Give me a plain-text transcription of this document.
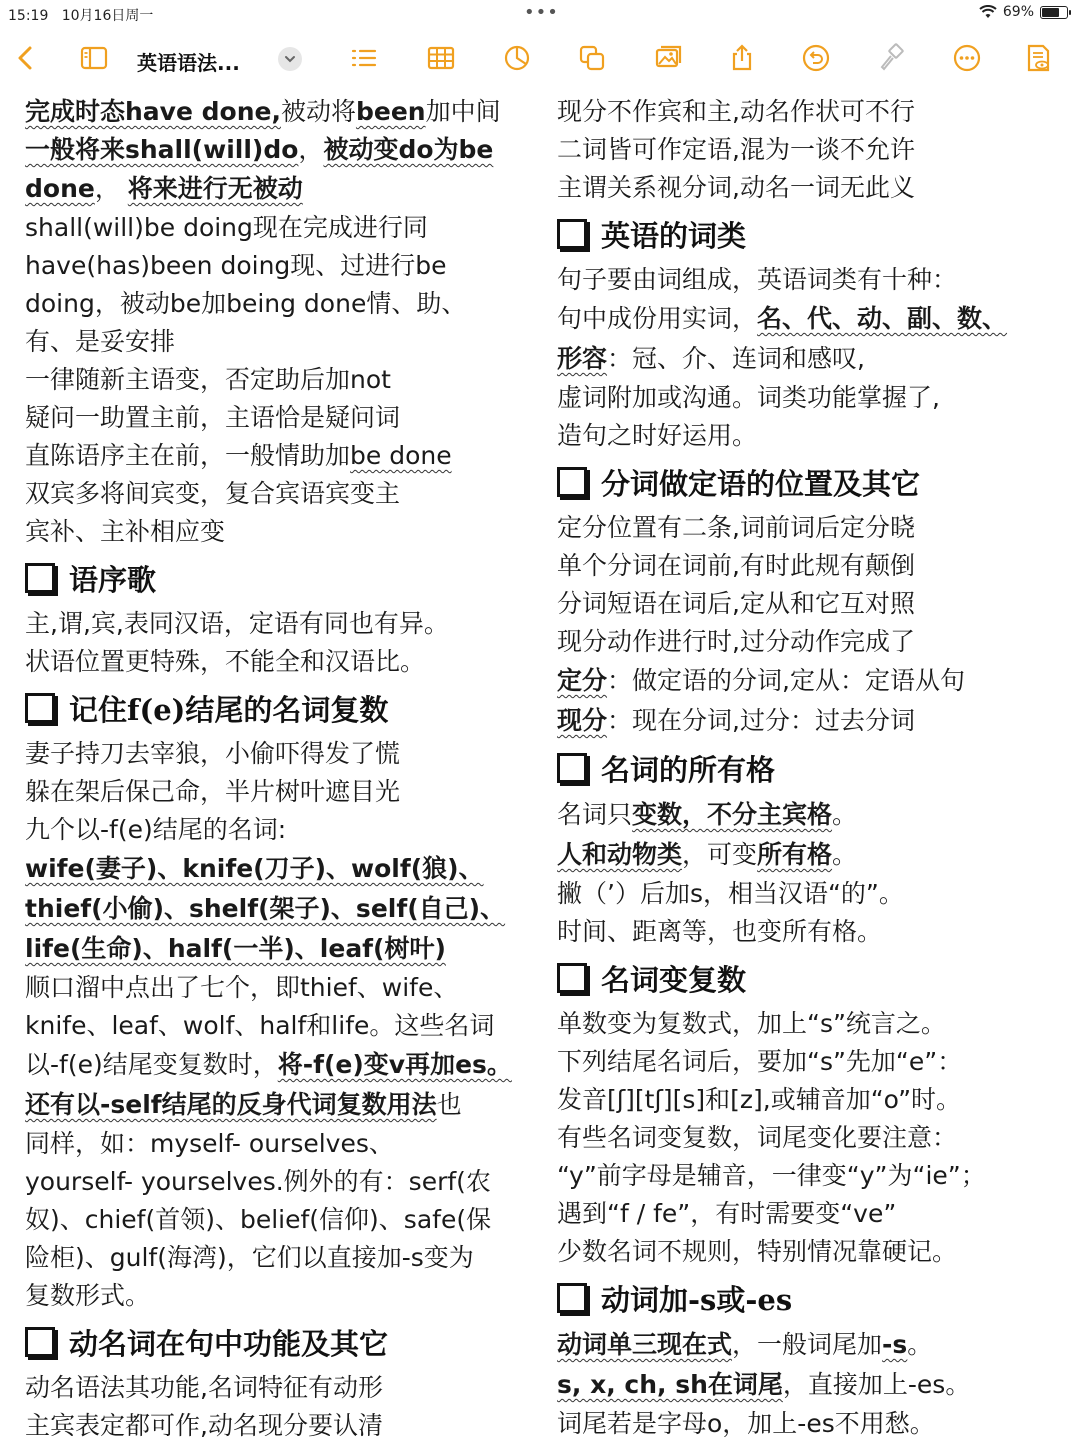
15:19 10月16日周一	•••	69%
英语语法...
完成时态have done,被动将been加中间
一般将来shall(will)do，被动变do为be
done， 将来进行无被动
shall(will)be doing现在完成进行同
have(has)been doing现、过进行be
doing，被动be加being done情、助、
有、是妥安排
一律随新主语变，否定助后加not
疑问一助置主前，主语恰是疑问词
直陈语序主在前，一般情助加be done
双宾多将间宾变，复合宾语宾变主
宾补、主补相应变
语序歌
主,谓,宾,表同汉语，定语有同也有异。
状语位置更特殊，不能全和汉语比。
记住f(e)结尾的名词复数
妻子持刀去宰狼，小偷吓得发了慌
躲在架后保己命，半片树叶遮目光
九个以-f(e)结尾的名词:
wife(妻子)、knife(刀子)、wolf(狼)、
thief(小偷)、shelf(架子)、self(自己)、
life(生命)、half(一半)、leaf(树叶)
顺口溜中点出了七个，即thief、wife、
knife、leaf、wolf、half和life。这些名词
以-f(e)结尾变复数时，将-f(e)变v再加es。
还有以-self结尾的反身代词复数用法也
同样，如：myself- ourselves、
yourself- yourselves.例外的有：serf(农
奴)、chief(首领)、belief(信仰)、safe(保
险柜)、gulf(海湾)，它们以直接加-s变为
复数形式。
动名词在句中功能及其它
动名语法其功能,名词特征有动形
主宾表定都可作,动名现分要认清
现分不作宾和主,动名作状可不行
二词皆可作定语,混为一谈不允许
主谓关系视分词,动名一词无此义
英语的词类
句子要由词组成，英语词类有十种：
句中成份用实词，名、代、动、副、数、
形容：冠、介、连词和感叹,
虚词附加或沟通。词类功能掌握了,
造句之时好运用。
分词做定语的位置及其它
定分位置有二条,词前词后定分晓
单个分词在词前,有时此规有颠倒
分词短语在词后,定从和它互对照
现分动作进行时,过分动作完成了
定分：做定语的分词,定从：定语从句
现分：现在分词,过分：过去分词
名词的所有格
名词只变数，不分主宾格。
人和动物类，可变所有格。
撇（’）后加s，相当汉语“的”。
时间、距离等，也变所有格。
名词变复数
单数变为复数式，加上“s”统言之。
下列结尾名词后，要加“s”先加“e”：
发音[ʃ][tʃ][s]和[z],或辅音加“o”时。
有些名词变复数，词尾变化要注意：
“y”前字母是辅音，一律变“y”为“ie”；
遇到“f / fe”，有时需要变“ve”
少数名词不规则，特别情况靠硬记。
动词加-s或-es
动词单三现在式，一般词尾加-s。
s, x, ch, sh在词尾，直接加上-es。
词尾若是字母o，加上-es不用愁。
